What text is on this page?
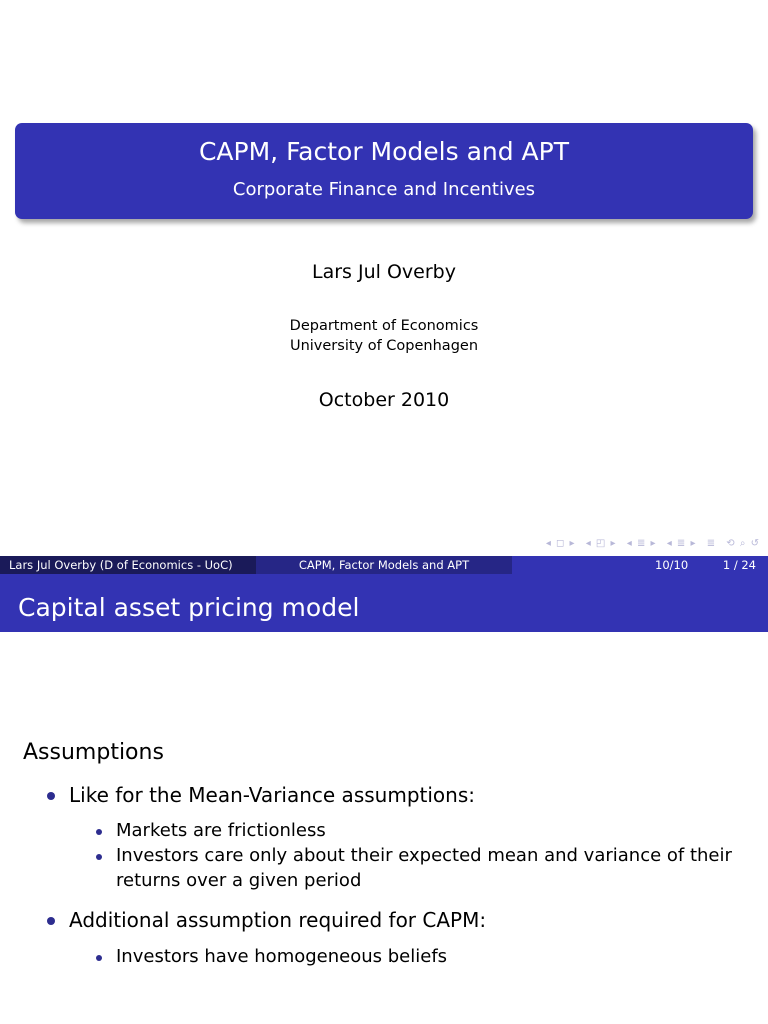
CAPM, Factor Models and APT
Corporate Finance and Incentives
Lars Jul Overby
Department of Economics
University of Copenhagen
October 2010
◂ ◻ ▸ ◂ ◰ ▸ ◂ ≣ ▸ ◂ ≣ ▸ ≣ ⟲ ⌕ ↺
Lars Jul Overby (D of Economics - UoC)	CAPM, Factor Models and APT	10/10	1 / 24
Capital asset pricing model
Assumptions
Like for the Mean-Variance assumptions:
Markets are frictionless
Investors care only about their expected mean and variance of their
returns over a given period
Additional assumption required for CAPM:
Investors have homogeneous beliefs
